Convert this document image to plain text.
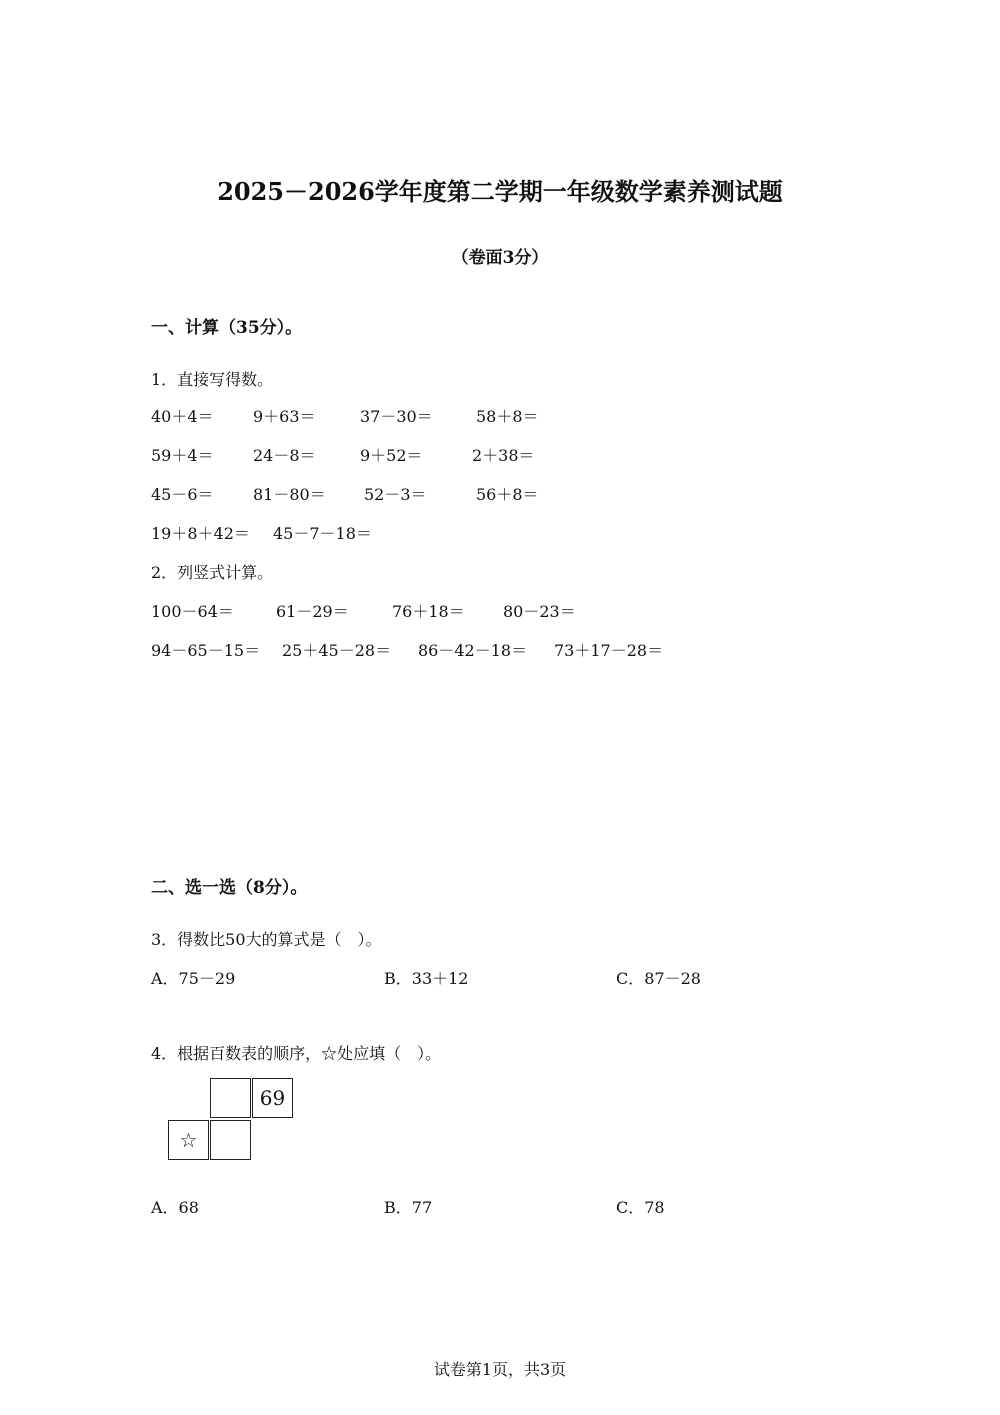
2025－2026学年度第二学期一年级数学素养测试题
（卷面3分）
一、计算（35分）。
1．直接写得数。
40＋4＝ 9＋63＝	37－30＝	58＋8＝
59＋4＝ 24－8＝	9＋52＝	2＋38＝
45－6＝ 81－80＝ 52－3＝	56＋8＝
19＋8＋42＝ 45－7－18＝
2．列竖式计算。
100－64＝	61－29＝	76＋18＝ 80－23＝
94－65－15＝ 25＋45－28＝ 86－42－18＝ 73＋17－28＝
二、选一选（8分）。
3．得数比50大的算式是（　）。
A．75－29	B．33＋12	C．87－28
4．根据百数表的顺序，☆处应填（　）。
69
☆
A．68	B．77	C．78
试卷第1页，共3页
